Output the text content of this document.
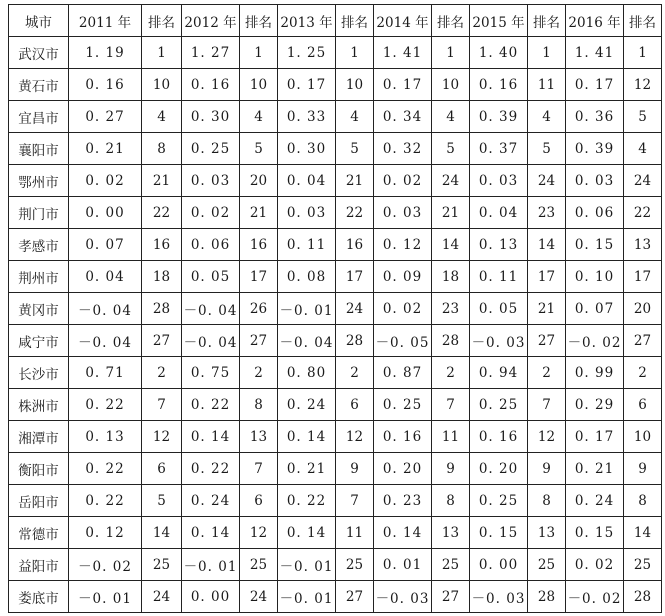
城市	2011 年	排名	2012 年	排名	2013 年	排名	2014 年	排名	2015 年	排名	2016 年	排名
武汉市	1. 19	1	1. 27	1	1. 25	1	1. 41	1	1. 40	1	1. 41	1
黄石市	0. 16	10	0. 16	10	0. 17	10	0. 17	10	0. 16	11	0. 17	12
宜昌市	0. 27	4	0. 30	4	0. 33	4	0. 34	4	0. 39	4	0. 36	5
襄阳市	0. 21	8	0. 25	5	0. 30	5	0. 32	5	0. 37	5	0. 39	4
鄂州市	0. 02	21	0. 03	20	0. 04	21	0. 02	24	0. 03	24	0. 03	24
荆门市	0. 00	22	0. 02	21	0. 03	22	0. 03	21	0. 04	23	0. 06	22
孝感市	0. 07	16	0. 06	16	0. 11	16	0. 12	14	0. 13	14	0. 15	13
荆州市	0. 04	18	0. 05	17	0. 08	17	0. 09	18	0. 11	17	0. 10	17
黄冈市	－0. 04	28	－0. 04	26	－0. 01	24	0. 02	23	0. 05	21	0. 07	20
咸宁市	－0. 04	27	－0. 04	27	－0. 04	28	－0. 05	28	－0. 03	27	－0. 02	27
长沙市	0. 71	2	0. 75	2	0. 80	2	0. 87	2	0. 94	2	0. 99	2
株洲市	0. 22	7	0. 22	8	0. 24	6	0. 25	7	0. 25	7	0. 29	6
湘潭市	0. 13	12	0. 14	13	0. 14	12	0. 16	11	0. 16	12	0. 17	10
衡阳市	0. 22	6	0. 22	7	0. 21	9	0. 20	9	0. 20	9	0. 21	9
岳阳市	0. 22	5	0. 24	6	0. 22	7	0. 23	8	0. 25	8	0. 24	8
常德市	0. 12	14	0. 14	12	0. 14	11	0. 14	13	0. 15	13	0. 15	14
益阳市	－0. 02	25	－0. 01	25	－0. 01	25	0. 01	25	0. 00	25	0. 02	25
娄底市	－0. 01	24	0. 00	24	－0. 01	27	－0. 03	27	－0. 03	28	－0. 02	28
